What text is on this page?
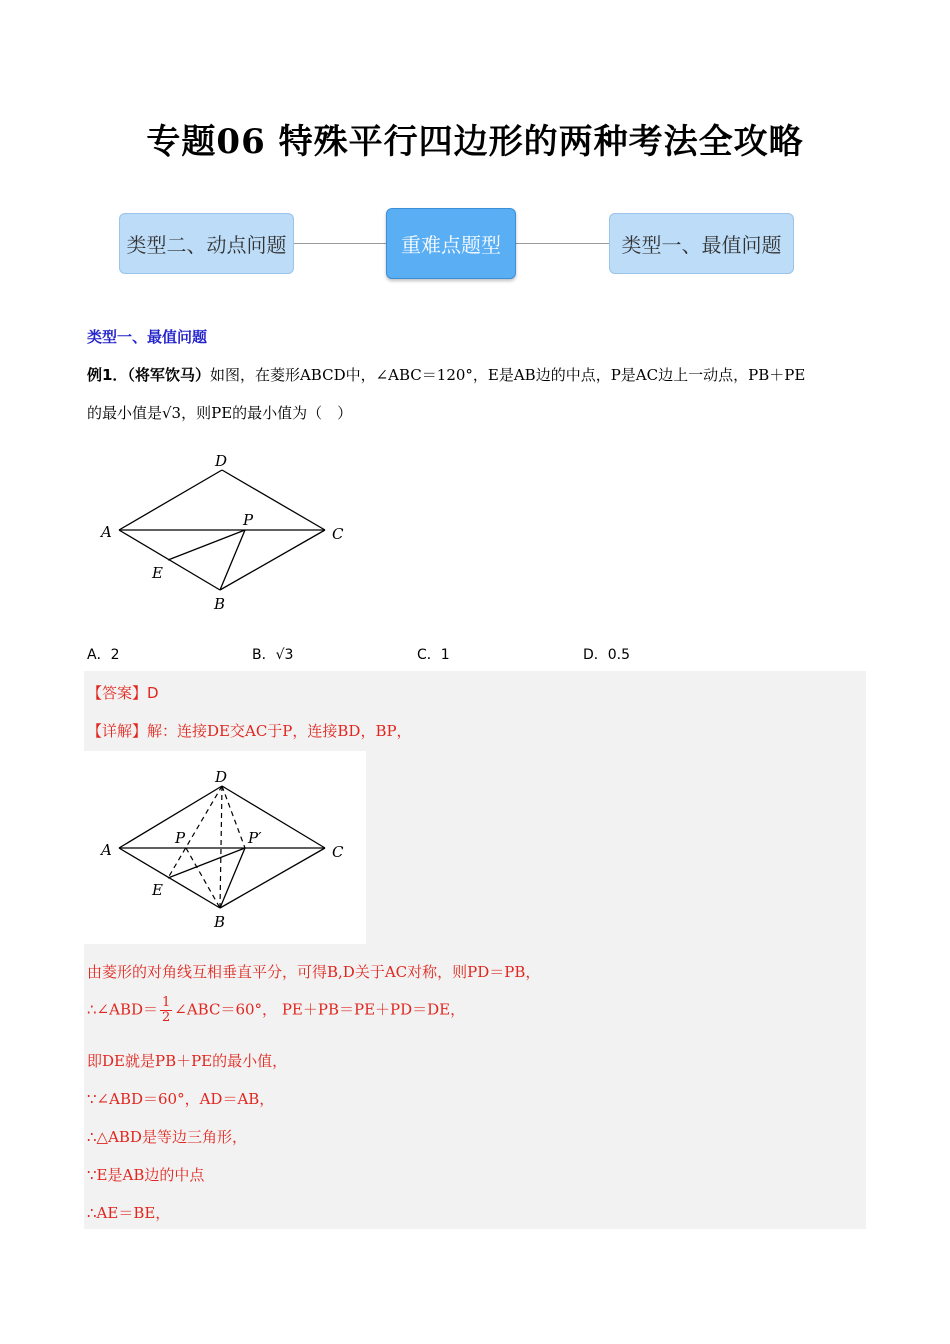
专题06 特殊平行四边形的两种考法全攻略
类型二、动点问题	重难点题型	类型一、最值问题
类型一、最值问题
例1．（将军饮马）如图，在菱形ABCD中，∠ABC＝120°，E是AB边的中点，P是AC边上一动点，PB＋PE
的最小值是√3，则PE的最小值为（　）
D
A	C
P
E
B
A．2	B．√3	C．1	D．0.5
【答案】D
【详解】解：连接DE交AC于P，连接BD，BP，
D
A	C
P	P′
E
B
由菱形的对角线互相垂直平分，可得B,D关于AC对称，则PD＝PB，
∴∠ABD＝ $\frac{1}{2}$ ∠ABC＝60°， PE＋PB＝PE＋PD＝DE，
即DE就是PB＋PE的最小值，
∵∠ABD＝60°，AD＝AB，
∴△ABD是等边三角形，
∵E是AB边的中点
∴AE＝BE，
